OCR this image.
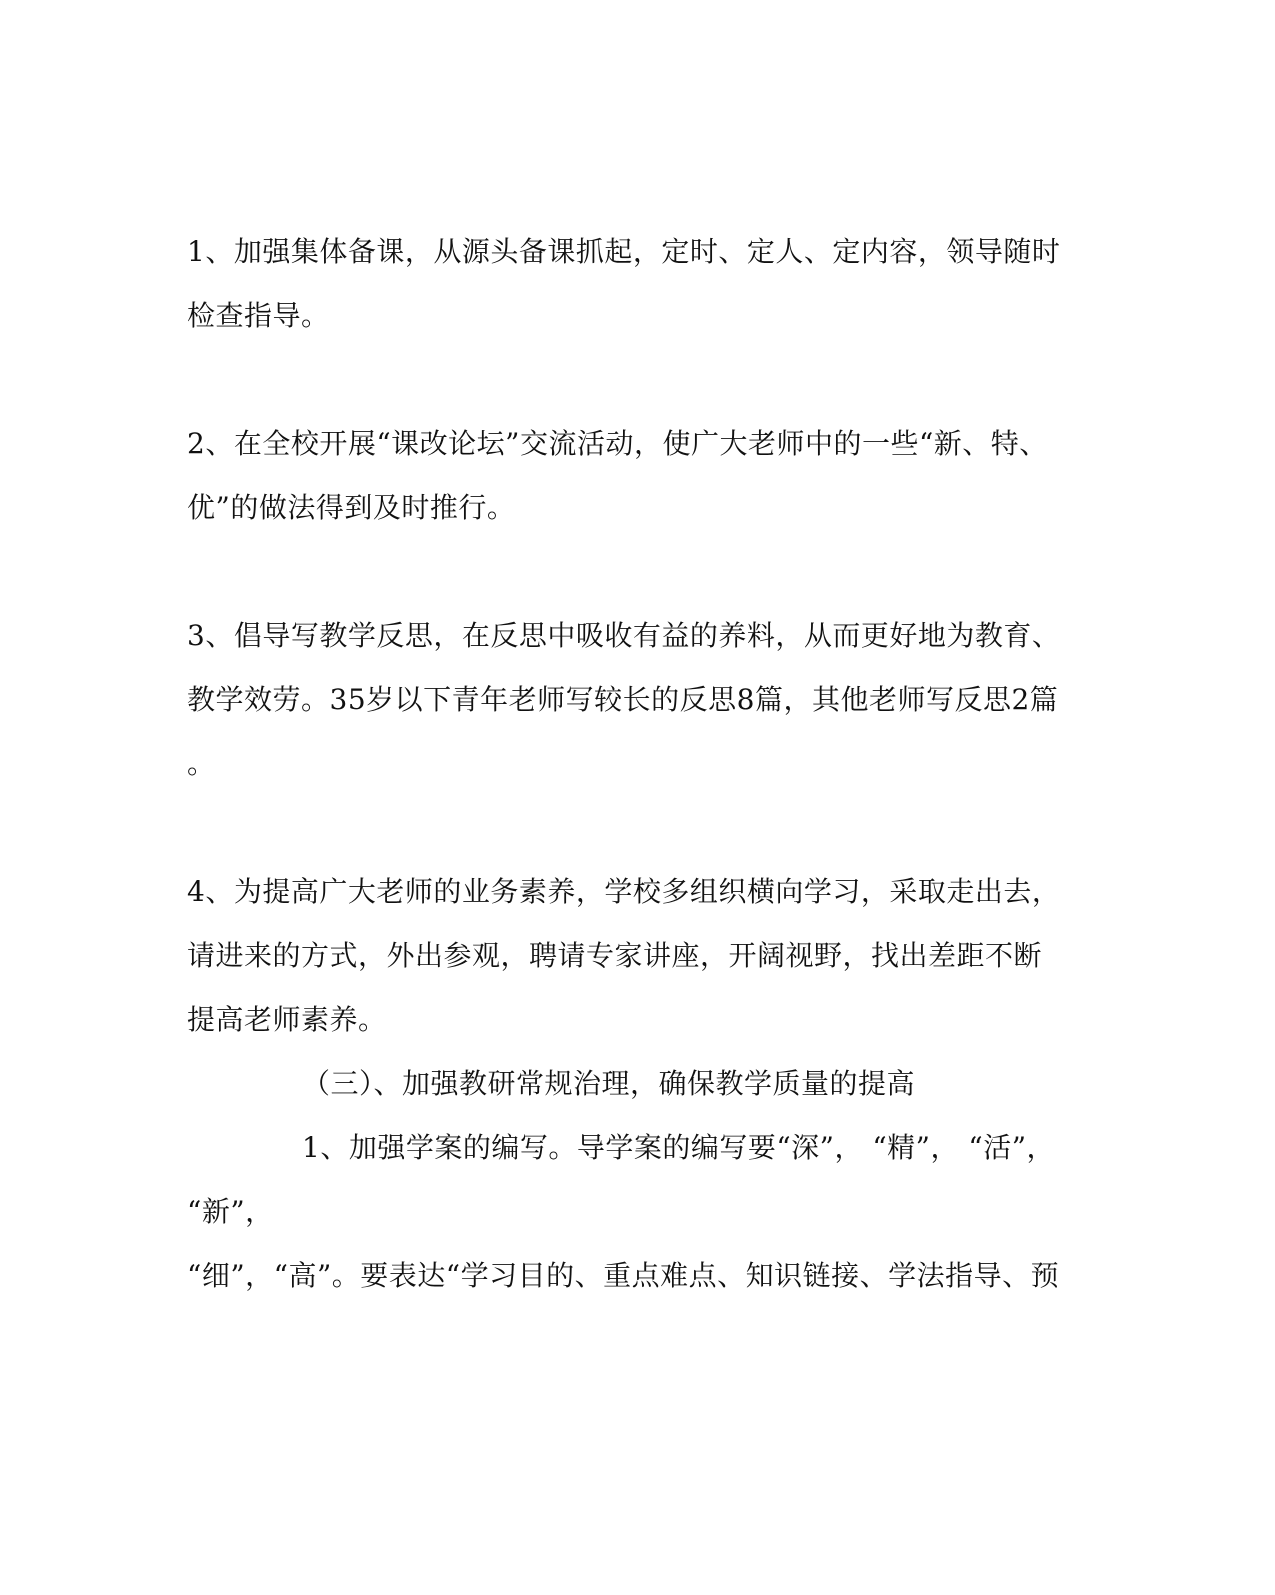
1、加强集体备课，从源头备课抓起，定时、定人、定内容，领导随时
检查指导。
2、在全校开展“课改论坛”交流活动，使广大老师中的一些“新、特、
优”的做法得到及时推行。
3、倡导写教学反思，在反思中吸收有益的养料，从而更好地为教育、
教学效劳。35岁以下青年老师写较长的反思8篇，其他老师写反思2篇
。
4、为提高广大老师的业务素养，学校多组织横向学习，采取走出去，
请进来的方式，外出参观，聘请专家讲座，开阔视野，找出差距不断
提高老师素养。
（三）、加强教研常规治理，确保教学质量的提高
1、加强学案的编写。导学案的编写要“深”， “精”， “活”，
“新”，
“细”，“高”。要表达“学习目的、重点难点、知识链接、学法指导、预
